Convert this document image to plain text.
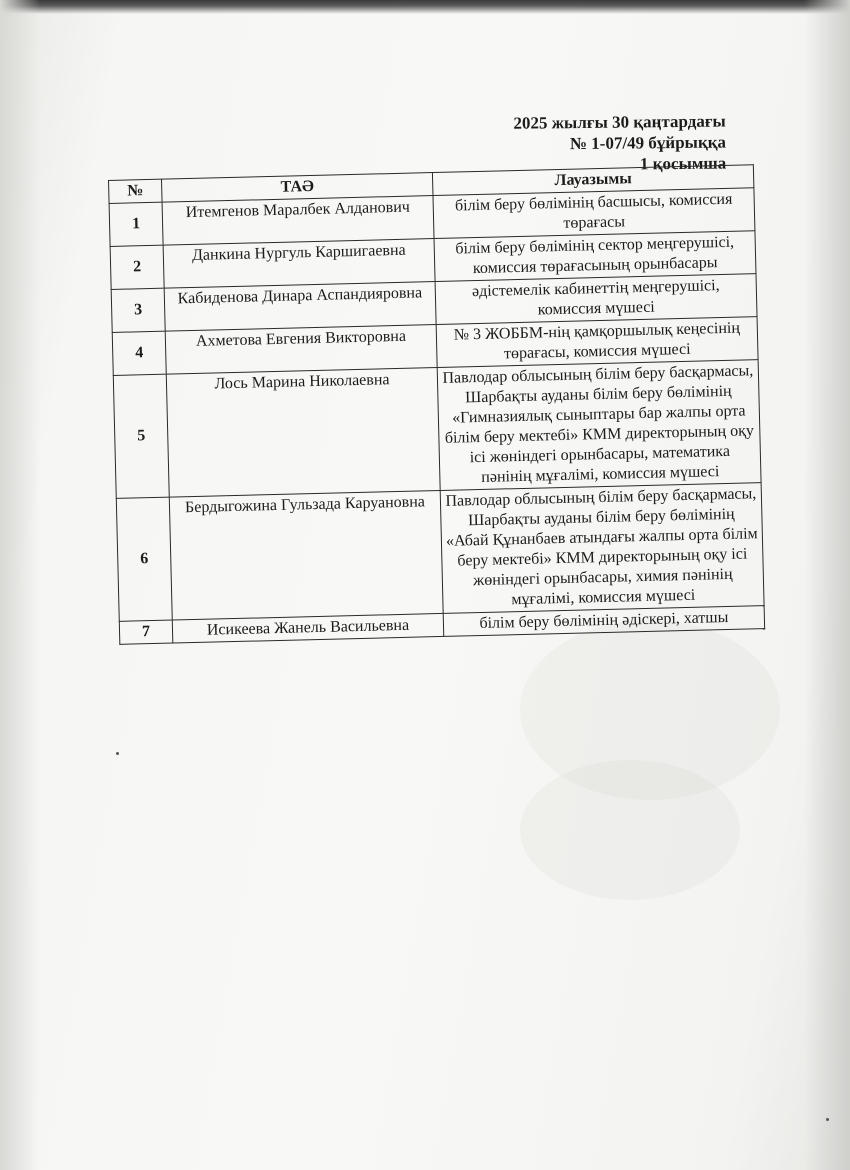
2025 жылғы 30 қаңтардағы
№ 1-07/49 бұйрыққа
1 қосымша
№	ТАӘ	Лауазымы
1	Итемгенов Маралбек Алданович	білім беру бөлімінің басшысы, комиссия төрағасы
2	Данкина Нургуль Каршигаевна	білім беру бөлімінің сектор меңгерушісі, комиссия төрағасының орынбасары
3	Кабиденова Динара Аспандияровна	әдістемелік кабинеттің меңгерушісі, комиссия мүшесі
4	Ахметова Евгения Викторовна	№ 3 ЖОББМ-нің қамқоршылық кеңесінің төрағасы, комиссия мүшесі
5	Лось Марина Николаевна	Павлодар облысының білім беру басқармасы, Шарбақты ауданы білім беру бөлімінің «Гимназиялық сыныптары бар жалпы орта білім беру мектебі» КММ директорының оқу ісі жөніндегі орынбасары, математика пәнінің мұғалімі, комиссия мүшесі
6	Бердыгожина Гульзада Каруановна	Павлодар облысының білім беру басқармасы, Шарбақты ауданы білім беру бөлімінің «Абай Құнанбаев атындағы жалпы орта білім беру мектебі» КММ директорының оқу ісі жөніндегі орынбасары, химия пәнінің мұғалімі, комиссия мүшесі
7	Исикеева Жанель Васильевна	білім беру бөлімінің әдіскері, хатшы
